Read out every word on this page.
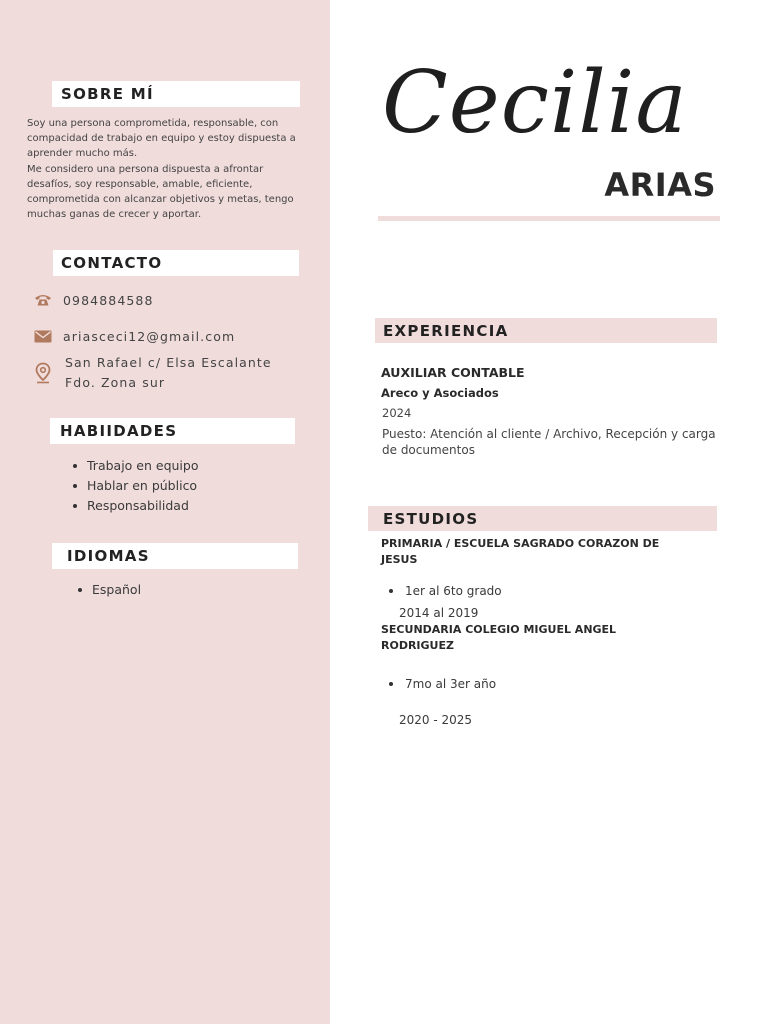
SOBRE MÍ

Soy una persona comprometida, responsable, con compacidad de trabajo en equipo y estoy dispuesta a aprender mucho más.

Me considero una persona dispuesta a afrontar desafíos, soy responsable, amable, eficiente, comprometida con alcanzar objetivos y metas, tengo muchas ganas de crecer y aportar.

CONTACTO
0984884588
ariasceci12@gmail.com
San Rafael c/ Elsa Escalante
Fdo. Zona sur
HABIIDADES
Trabajo en equipo
Hablar en público
Responsabilidad
IDIOMAS
Español
Cecilia
ARIAS
EXPERIENCIA
AUXILIAR CONTABLE
Areco y Asociados
2024
Puesto: Atención al cliente / Archivo, Recepción y carga de documentos
ESTUDIOS
PRIMARIA / ESCUELA SAGRADO CORAZON DE JESUS
1er al 6to grado
2014 al 2019
SECUNDARIA COLEGIO MIGUEL ANGEL RODRIGUEZ
7mo al 3er año
2020 - 2025
